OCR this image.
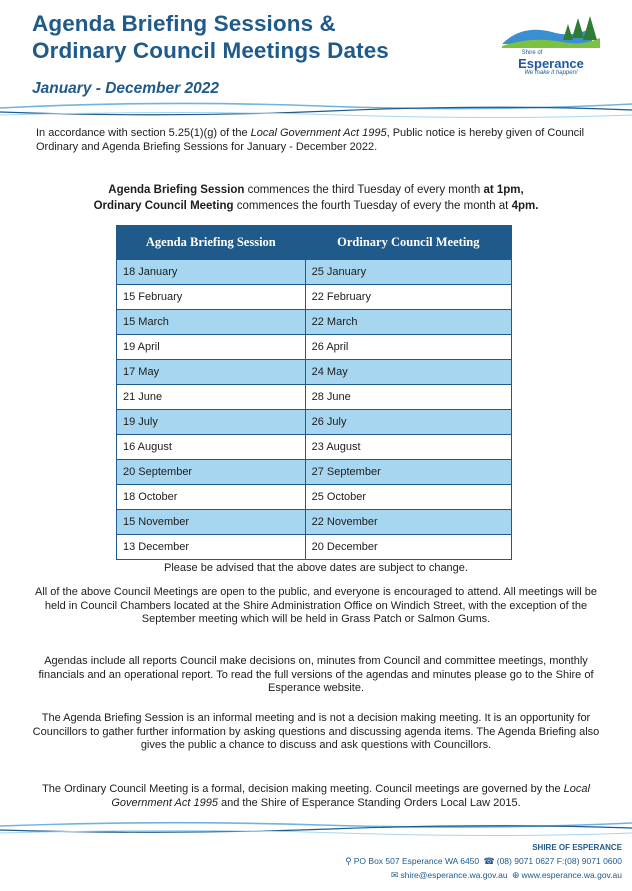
Agenda Briefing Sessions &
Ordinary Council Meetings Dates	Shire of
Esperance
We make it happen!
January - December 2022
In accordance with section 5.25(1)(g) of the Local Government Act 1995, Public notice is hereby given of Council Ordinary and Agenda Briefing Sessions for January - December 2022.
Agenda Briefing Session commences the third Tuesday of every month at 1pm,
Ordinary Council Meeting commences the fourth Tuesday of every the month at 4pm.
Agenda Briefing Session	Ordinary Council Meeting
18 January	25 January
15 February	22 February
15 March	22 March
19 April	26 April
17 May	24 May
21 June	28 June
19 July	26 July
16 August	23 August
20 September	27 September
18 October	25 October
15 November	22 November
13 December	20 December
Please be advised that the above dates are subject to change.
All of the above Council Meetings are open to the public, and everyone is encouraged to attend. All meetings will be held in Council Chambers located at the Shire Administration Office on Windich Street, with the exception of the September meeting which will be held in Grass Patch or Salmon Gums.
Agendas include all reports Council make decisions on, minutes from Council and committee meetings, monthly financials and an operational report. To read the full versions of the agendas and minutes please go to the Shire of Esperance website.
The Agenda Briefing Session is an informal meeting and is not a decision making meeting. It is an opportunity for Councillors to gather further information by asking questions and discussing agenda items. The Agenda Briefing also gives the public a chance to discuss and ask questions with Councillors.
The Ordinary Council Meeting is a formal, decision making meeting. Council meetings are governed by the Local Government Act 1995 and the Shire of Esperance Standing Orders Local Law 2015.
SHIRE OF ESPERANCE
⚲ PO Box 507 Esperance WA 6450 ☎ (08) 9071 0627 F:(08) 9071 0600
✉ shire@esperance.wa.gov.au ⊕ www.esperance.wa.gov.au
